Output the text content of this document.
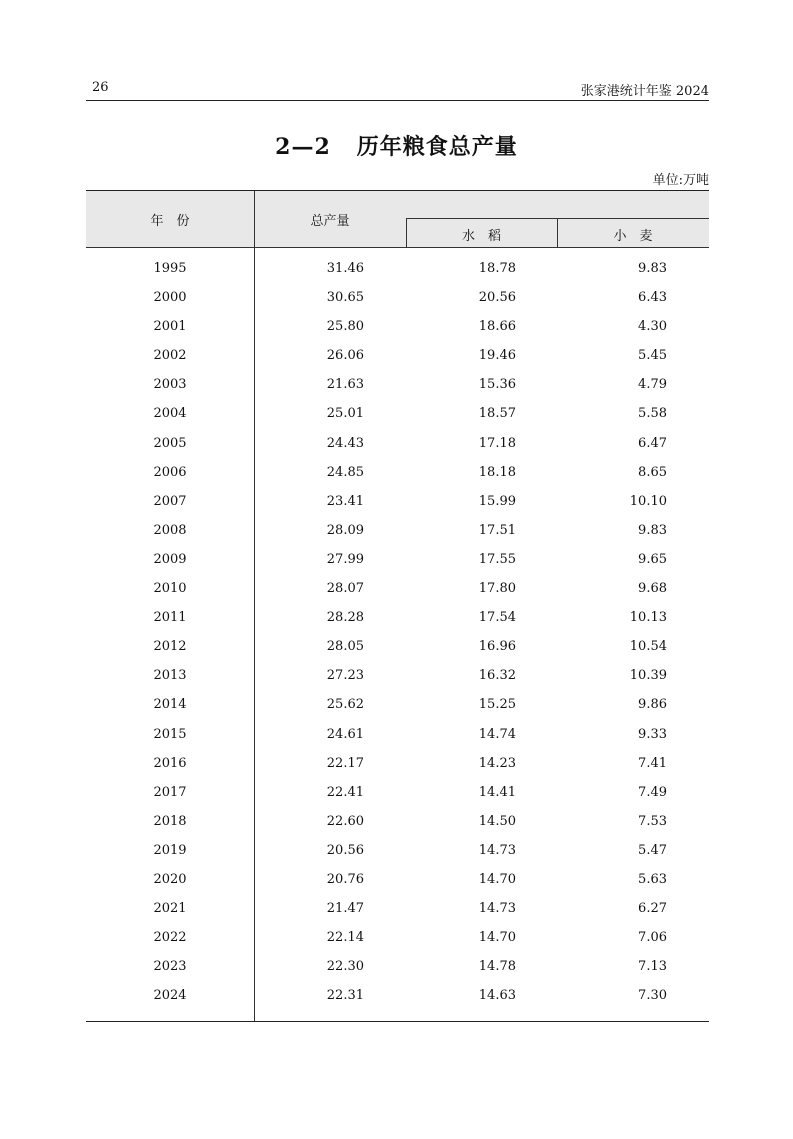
26	张家港统计年鉴 2024
2—2 历年粮食总产量
单位:万吨
年　份	总产量
水　稻	小　麦
1995	31.46	18.78	9.83
2000	30.65	20.56	6.43
2001	25.80	18.66	4.30
2002	26.06	19.46	5.45
2003	21.63	15.36	4.79
2004	25.01	18.57	5.58
2005	24.43	17.18	6.47
2006	24.85	18.18	8.65
2007	23.41	15.99	10.10
2008	28.09	17.51	9.83
2009	27.99	17.55	9.65
2010	28.07	17.80	9.68
2011	28.28	17.54	10.13
2012	28.05	16.96	10.54
2013	27.23	16.32	10.39
2014	25.62	15.25	9.86
2015	24.61	14.74	9.33
2016	22.17	14.23	7.41
2017	22.41	14.41	7.49
2018	22.60	14.50	7.53
2019	20.56	14.73	5.47
2020	20.76	14.70	5.63
2021	21.47	14.73	6.27
2022	22.14	14.70	7.06
2023	22.30	14.78	7.13
2024	22.31	14.63	7.30
